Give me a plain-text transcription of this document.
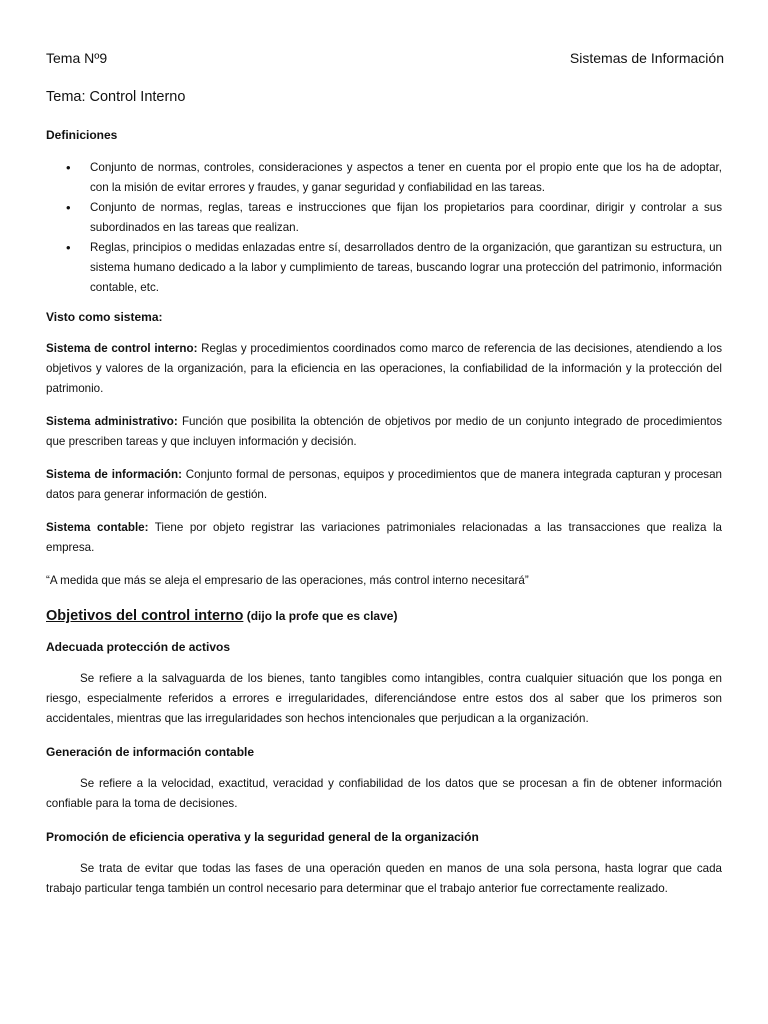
Tema Nº9	Sistemas de Información
Tema: Control Interno

Definiciones

• Conjunto de normas, controles, consideraciones y aspectos a tener en cuenta por el propio ente que los ha de adoptar, con la misión de evitar errores y fraudes, y ganar seguridad y confiabilidad en las tareas.
• Conjunto de normas, reglas, tareas e instrucciones que fijan los propietarios para coordinar, dirigir y controlar a sus subordinados en las tareas que realizan.
• Reglas, principios o medidas enlazadas entre sí, desarrollados dentro de la organización, que garantizan su estructura, un sistema humano dedicado a la labor y cumplimiento de tareas, buscando lograr una protección del patrimonio, información contable, etc.

Visto como sistema:

Sistema de control interno: Reglas y procedimientos coordinados como marco de referencia de las decisiones, atendiendo a los objetivos y valores de la organización, para la eficiencia en las operaciones, la confiabilidad de la información y la protección del patrimonio.

Sistema administrativo: Función que posibilita la obtención de objetivos por medio de un conjunto integrado de procedimientos que prescriben tareas y que incluyen información y decisión.

Sistema de información: Conjunto formal de personas, equipos y procedimientos que de manera integrada capturan y procesan datos para generar información de gestión.

Sistema contable: Tiene por objeto registrar las variaciones patrimoniales relacionadas a las transacciones que realiza la empresa.

“A medida que más se aleja el empresario de las operaciones, más control interno necesitará”

Objetivos del control interno (dijo la profe que es clave)

Adecuada protección de activos

Se refiere a la salvaguarda de los bienes, tanto tangibles como intangibles, contra cualquier situación que los ponga en riesgo, especialmente referidos a errores e irregularidades, diferenciándose entre estos dos al saber que los primeros son accidentales, mientras que las irregularidades son hechos intencionales que perjudican a la organización.

Generación de información contable

Se refiere a la velocidad, exactitud, veracidad y confiabilidad de los datos que se procesan a fin de obtener información confiable para la toma de decisiones.

Promoción de eficiencia operativa y la seguridad general de la organización

Se trata de evitar que todas las fases de una operación queden en manos de una sola persona, hasta lograr que cada trabajo particular tenga también un control necesario para determinar que el trabajo anterior fue correctamente realizado.
